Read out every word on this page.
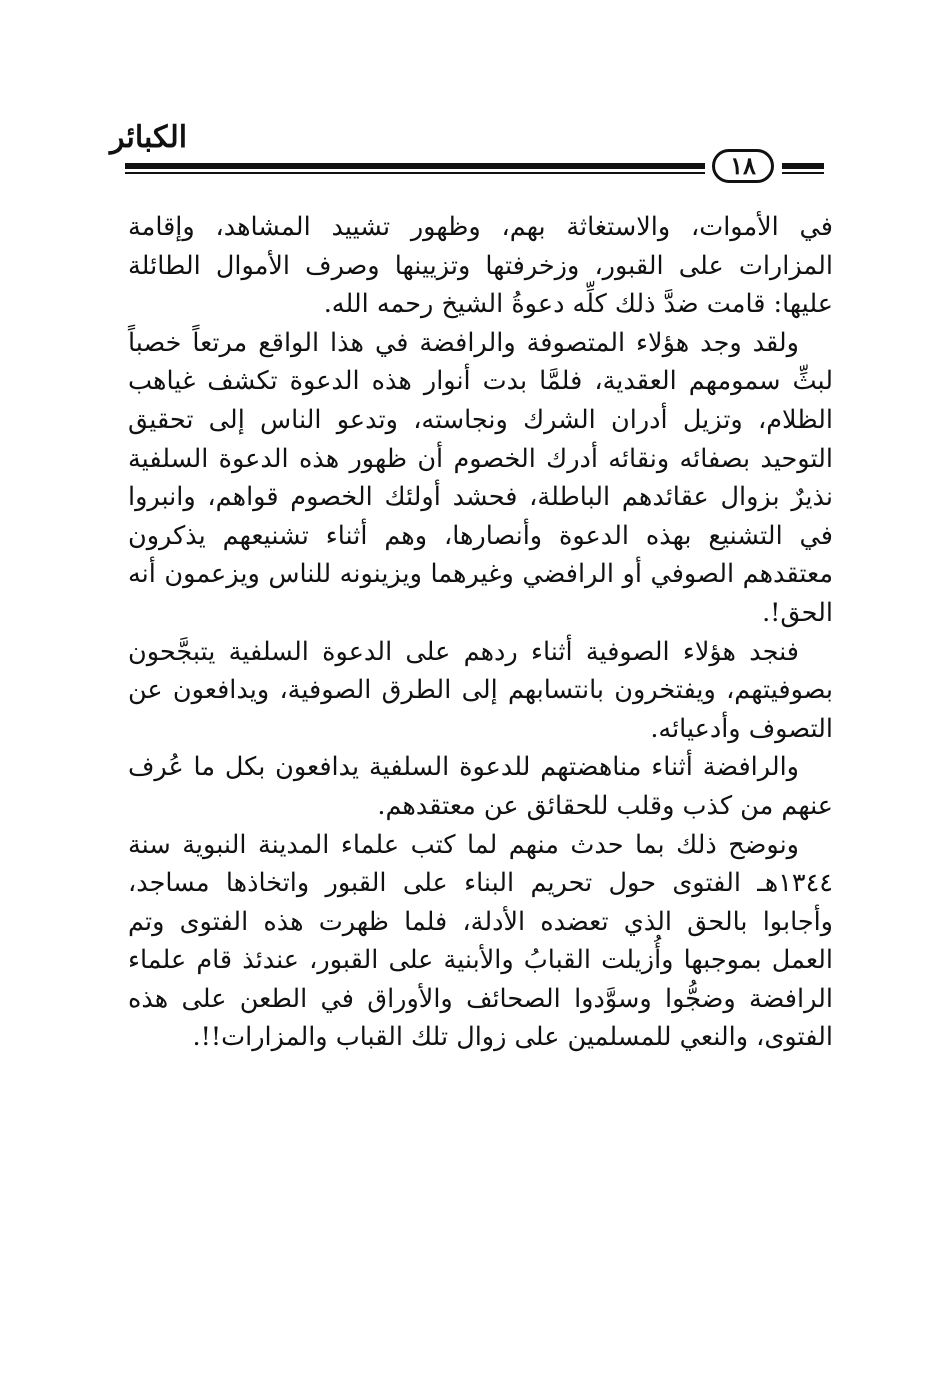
الكبائر
١٨

في الأموات، والاستغاثة بهم، وظهور تشييد المشاهد، وإقامة المزارات على القبور، وزخرفتها وتزيينها وصرف الأموال الطائلة عليها: قامت ضدَّ ذلك كلِّه دعوةُ الشيخ رحمه الله.

ولقد وجد هؤلاء المتصوفة والرافضة في هذا الواقع مرتعاً خصباً لبثِّ سمومهم العقدية، فلمَّا بدت أنوار هذه الدعوة تكشف غياهب الظلام، وتزيل أدران الشرك ونجاسته، وتدعو الناس إلى تحقيق التوحيد بصفائه ونقائه أدرك الخصوم أن ظهور هذه الدعوة السلفية نذيرٌ بزوال عقائدهم الباطلة، فحشد أولئك الخصوم قواهم، وانبروا في التشنيع بهذه الدعوة وأنصارها، وهم أثناء تشنيعهم يذكرون معتقدهم الصوفي أو الرافضي وغيرهما ويزينونه للناس ويزعمون أنه الحق!.

فنجد هؤلاء الصوفية أثناء ردهم على الدعوة السلفية يتبجَّحون بصوفيتهم، ويفتخرون بانتسابهم إلى الطرق الصوفية، ويدافعون عن التصوف وأدعيائه.

والرافضة أثناء مناهضتهم للدعوة السلفية يدافعون بكل ما عُرف عنهم من كذب وقلب للحقائق عن معتقدهم.

ونوضح ذلك بما حدث منهم لما كتب علماء المدينة النبوية سنة ١٣٤٤هـ الفتوى حول تحريم البناء على القبور واتخاذها مساجد، وأجابوا بالحق الذي تعضده الأدلة، فلما ظهرت هذه الفتوى وتم العمل بموجبها وأُزيلت القبابُ والأبنية على القبور، عندئذ قام علماء الرافضة وضجُّوا وسوَّدوا الصحائف والأوراق في الطعن على هذه الفتوى، والنعي للمسلمين على زوال تلك القباب والمزارات!!.
